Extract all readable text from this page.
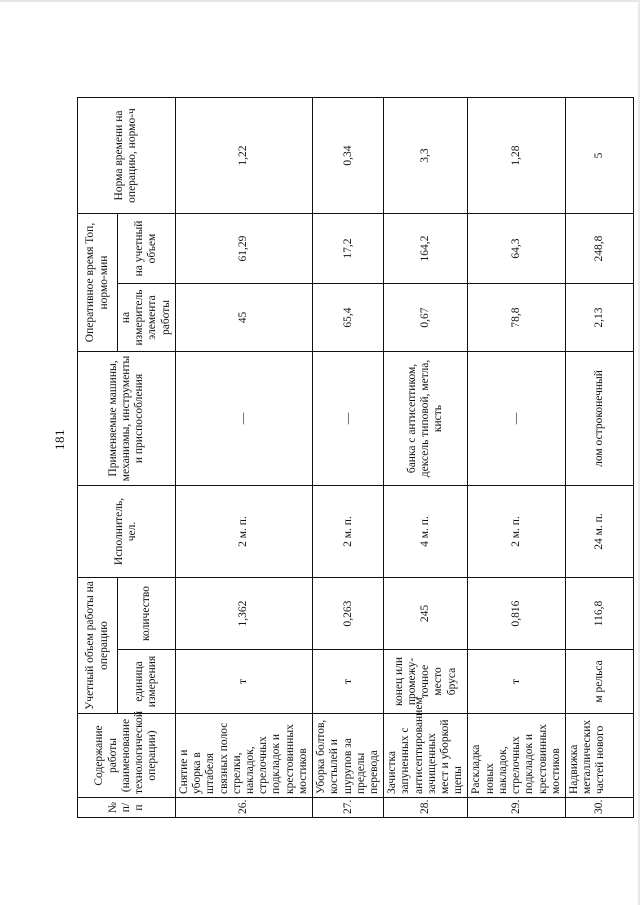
181
№ п/п	Содержание работы (наименование технологической операции)	Учетный объем работы на операцию		Исполнитель, чел.	Применяемые машины, механизмы, инструменты и приспособления	Оперативное время Топ, нормо-мин		Норма времени на операцию, нормо-ч
		единица измерения	количество			на измеритель элемента работы	на учетный объем	
26.	Снятие и уборка в штабеля связных полос стрелки, накладок, стрелочных подкладок и крестовинных мостиков	т	1,362	2 м. п.	—	45	61,29	1,22
27.	Уборка болтов, костылей и шурупов за пределы перевода	т	0,263	2 м. п.	—	65,4	17,2	0,34
28.	Зачистка запуненных с антисептированием зачищенных мест и уборкой щепы	конец или промежу-точное место бруса	245	4 м. п.	банка с антисептиком, дексель типовой, метла, кисть	0,67	164,2	3,3
29.	Раскладка новых накладок, стрелочных подкладок и крестовинных мостиков	т	0,816	2 м. п.	—	78,8	64,3	1,28
30.	Надвижка металлических частей нового	м рельса	116,8	24 м. п.	лом остроконечный	2,13	248,8	5
